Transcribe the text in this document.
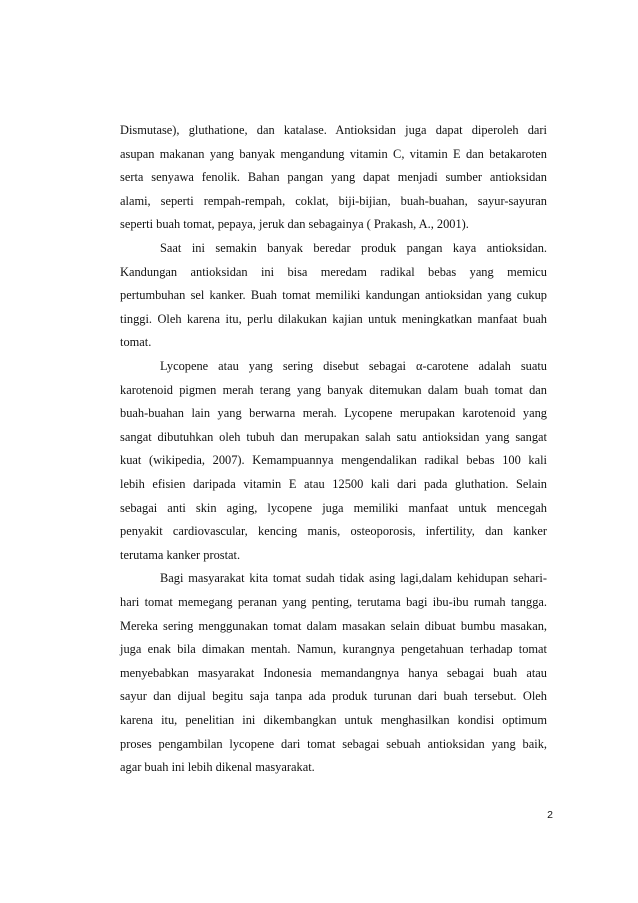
Dismutase), gluthatione, dan katalase. Antioksidan juga dapat diperoleh dari
asupan makanan yang banyak mengandung vitamin C, vitamin E dan betakaroten
serta senyawa fenolik. Bahan pangan yang dapat menjadi sumber antioksidan
alami, seperti rempah-rempah, coklat, biji-bijian, buah-buahan, sayur-sayuran
seperti buah tomat, pepaya, jeruk dan sebagainya ( Prakash, A., 2001).
Saat ini semakin banyak beredar produk pangan kaya antioksidan.
Kandungan antioksidan ini bisa meredam radikal bebas yang memicu
pertumbuhan sel kanker. Buah tomat memiliki kandungan antioksidan yang cukup
tinggi. Oleh karena itu, perlu dilakukan kajian untuk meningkatkan manfaat buah
tomat.
Lycopene atau yang sering disebut sebagai α-carotene adalah suatu
karotenoid pigmen merah terang yang banyak ditemukan dalam buah tomat dan
buah-buahan lain yang berwarna merah. Lycopene merupakan karotenoid yang
sangat dibutuhkan oleh tubuh dan merupakan salah satu antioksidan yang sangat
kuat (wikipedia, 2007). Kemampuannya mengendalikan radikal bebas 100 kali
lebih efisien daripada vitamin E atau 12500 kali dari pada gluthation. Selain
sebagai anti skin aging, lycopene juga memiliki manfaat untuk mencegah
penyakit cardiovascular, kencing manis, osteoporosis, infertility, dan kanker
terutama kanker prostat.
Bagi masyarakat kita tomat sudah tidak asing lagi,dalam kehidupan sehari-
hari tomat memegang peranan yang penting, terutama bagi ibu-ibu rumah tangga.
Mereka sering menggunakan tomat dalam masakan selain dibuat bumbu masakan,
juga enak bila dimakan mentah. Namun, kurangnya pengetahuan terhadap tomat
menyebabkan masyarakat Indonesia memandangnya hanya sebagai buah atau
sayur dan dijual begitu saja tanpa ada produk turunan dari buah tersebut. Oleh
karena itu, penelitian ini dikembangkan untuk menghasilkan kondisi optimum
proses pengambilan lycopene dari tomat sebagai sebuah antioksidan yang baik,
agar buah ini lebih dikenal masyarakat.
2
